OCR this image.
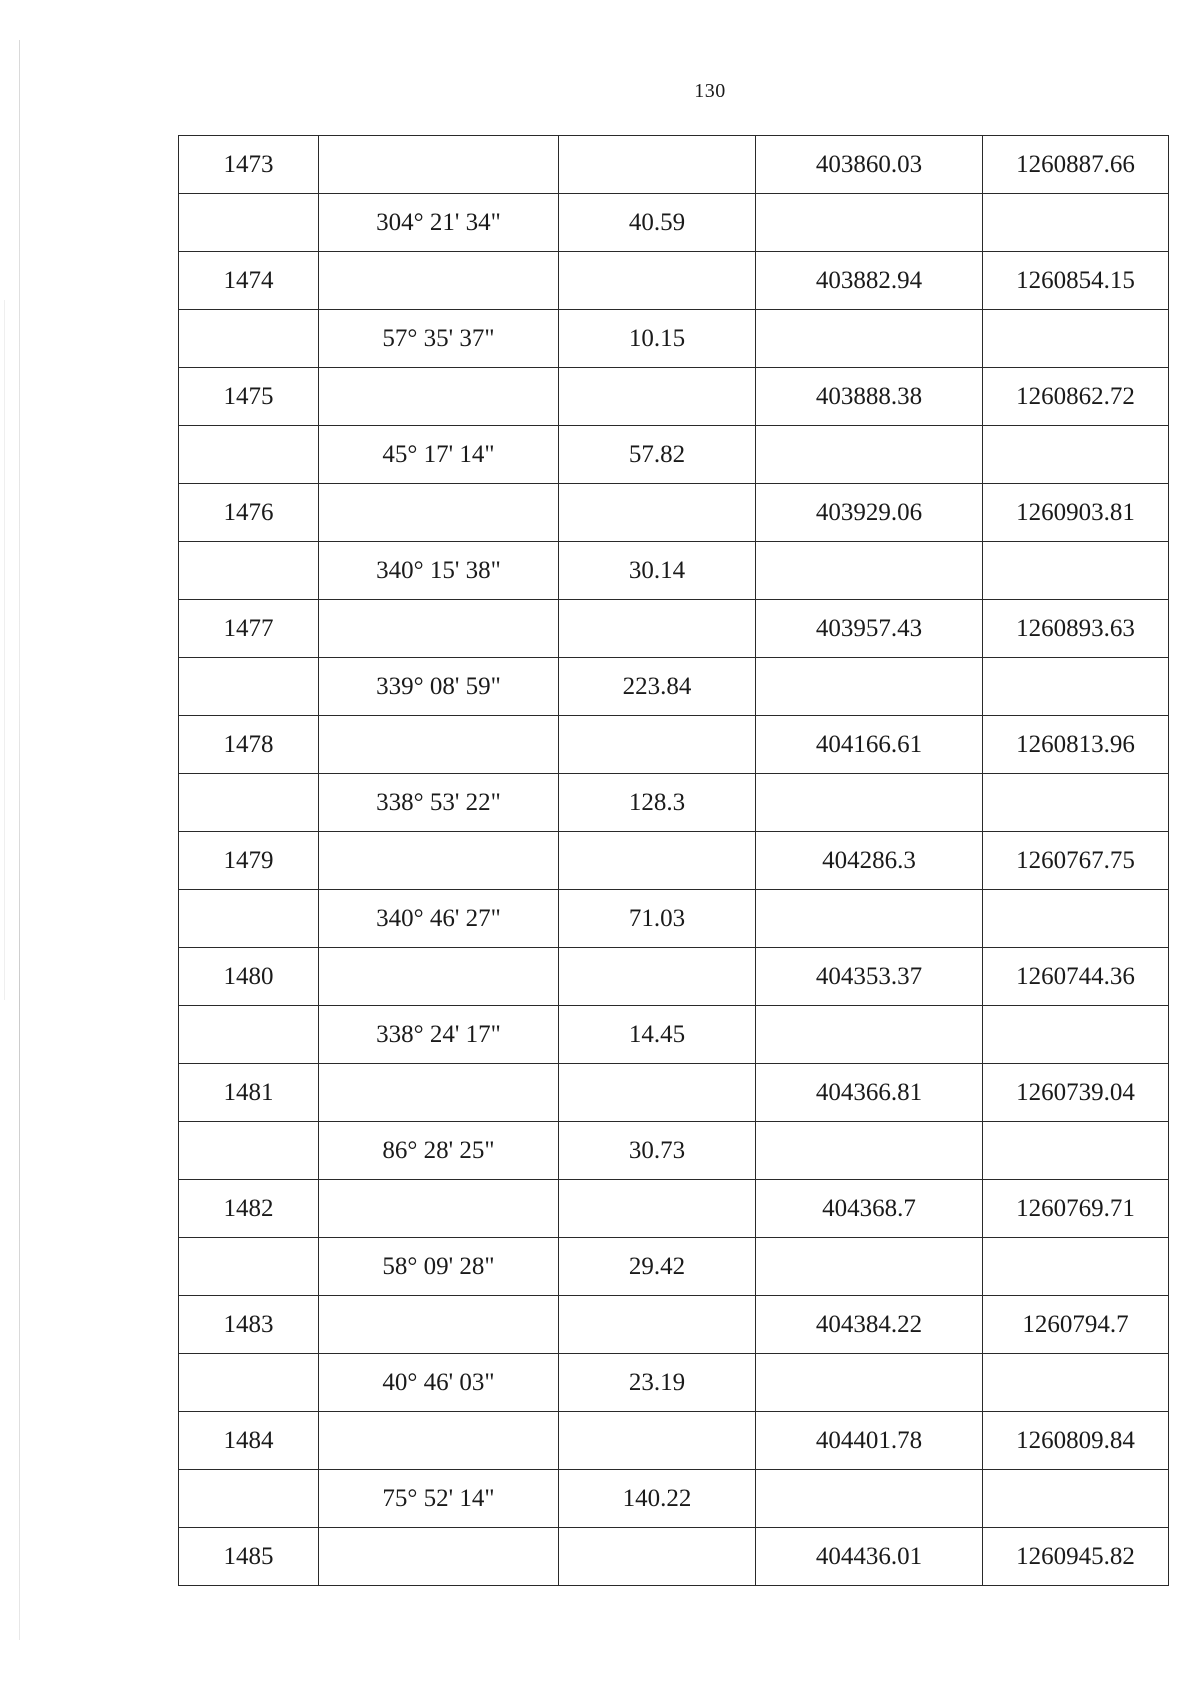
130
1473			403860.03	1260887.66
	304° 21' 34"	40.59		
1474			403882.94	1260854.15
	57° 35' 37"	10.15		
1475			403888.38	1260862.72
	45° 17' 14"	57.82		
1476			403929.06	1260903.81
	340° 15' 38"	30.14		
1477			403957.43	1260893.63
	339° 08' 59"	223.84		
1478			404166.61	1260813.96
	338° 53' 22"	128.3		
1479			404286.3	1260767.75
	340° 46' 27"	71.03		
1480			404353.37	1260744.36
	338° 24' 17"	14.45		
1481			404366.81	1260739.04
	86° 28' 25"	30.73		
1482			404368.7	1260769.71
	58° 09' 28"	29.42		
1483			404384.22	1260794.7
	40° 46' 03"	23.19		
1484			404401.78	1260809.84
	75° 52' 14"	140.22		
1485			404436.01	1260945.82
